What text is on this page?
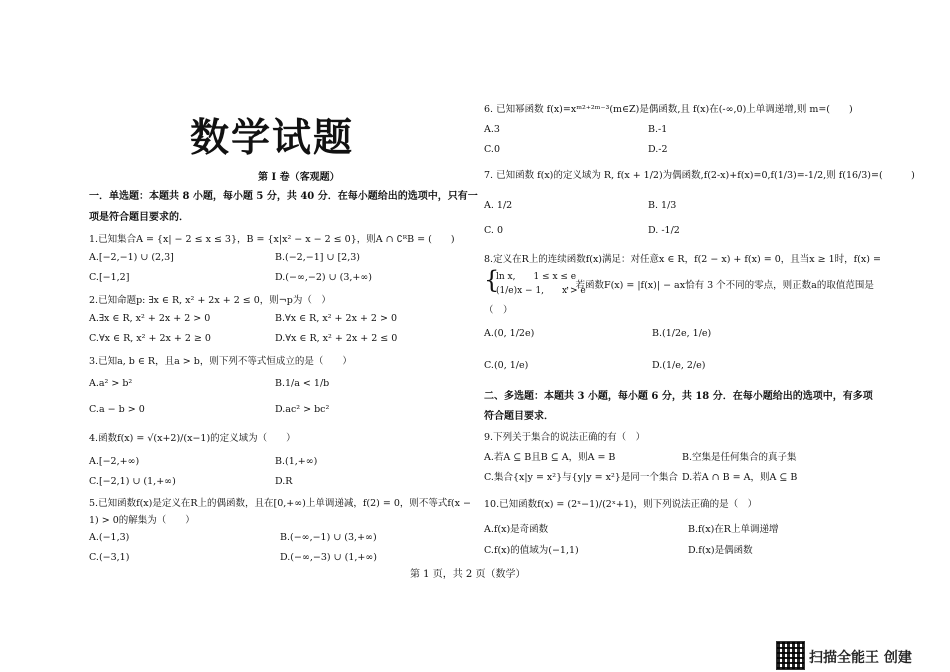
数学试题
第 I 卷（客观题）
一．单选题：本题共 8 小题，每小题 5 分，共 40 分．在每小题给出的选项中，只有一
项是符合题目要求的．
1.已知集合A = {x| − 2 ≤ x ≤ 3}，B = {x|x² − x − 2 ≤ 0}，则A ∩ ∁ᴿB = (　　)
A.[−2,−1) ∪ (2,3]	B.(−2,−1] ∪ [2,3)
C.[−1,2]	D.(−∞,−2) ∪ (3,+∞)
2.已知命题p: ∃x ∈ R, x² + 2x + 2 ≤ 0，则¬p为（　）
A.∃x ∈ R, x² + 2x + 2 > 0	B.∀x ∈ R, x² + 2x + 2 > 0
C.∀x ∈ R, x² + 2x + 2 ≥ 0	D.∀x ∈ R, x² + 2x + 2 ≤ 0
3.已知a, b ∈ R，且a > b，则下列不等式恒成立的是（　　）
A.a² > b²	B.1/a < 1/b
C.a − b > 0	D.ac² > bc²
4.函数f(x) = √(x+2)/(x−1)的定义域为（　　）
A.[−2,+∞)	B.(1,+∞)
C.[−2,1) ∪ (1,+∞)	D.R
5.已知函数f(x)是定义在R上的偶函数，且在[0,+∞)上单调递减，f(2) = 0，则不等式f(x −
1) > 0的解集为（　　）
A.(−1,3)	B.(−∞,−1) ∪ (3,+∞)
C.(−3,1)	D.(−∞,−3) ∪ (1,+∞)
6. 已知幂函数 f(x)=xᵐ²⁺²ᵐ⁻³(m∈Z)是偶函数,且 f(x)在(-∞,0)上单调递增,则 m=(　　)
A.3	B.-1
C.0	D.-2
7. 已知函数 f(x)的定义域为 R, f(x + 1/2)为偶函数,f(2-x)+f(x)=0,f(1/3)=-1/2,则 f(16/3)=(　　　)
A. 1/2	B. 1/3
C. 0	D. -1/2
8.定义在R上的连续函数f(x)满足：对任意x ∈ R，f(2 − x) + f(x) = 0，且当x ≥ 1时，f(x) =
{
ln x,　　1 ≤ x ≤ e
(1/e)x − 1,　　x > e
，若函数F(x) = |f(x)| − ax恰有 3 个不同的零点，则正数a的取值范围是
（　）
A.(0, 1/2e)	B.(1/2e, 1/e)
C.(0, 1/e)	D.(1/e, 2/e)
二、多选题：本题共 3 小题，每小题 6 分，共 18 分．在每小题给出的选项中，有多项
符合题目要求．
9.下列关于集合的说法正确的有（　）
A.若A ⊆ B且B ⊆ A，则A = B	B.空集是任何集合的真子集
C.集合{x|y = x²}与{y|y = x²}是同一个集合 D.若A ∩ B = A，则A ⊆ B
10.已知函数f(x) = (2ˣ−1)/(2ˣ+1)，则下列说法正确的是（　）
A.f(x)是奇函数	B.f(x)在R上单调递增
C.f(x)的值域为(−1,1)	D.f(x)是偶函数
第 1 页，共 2 页（数学）
扫描全能王 创建
